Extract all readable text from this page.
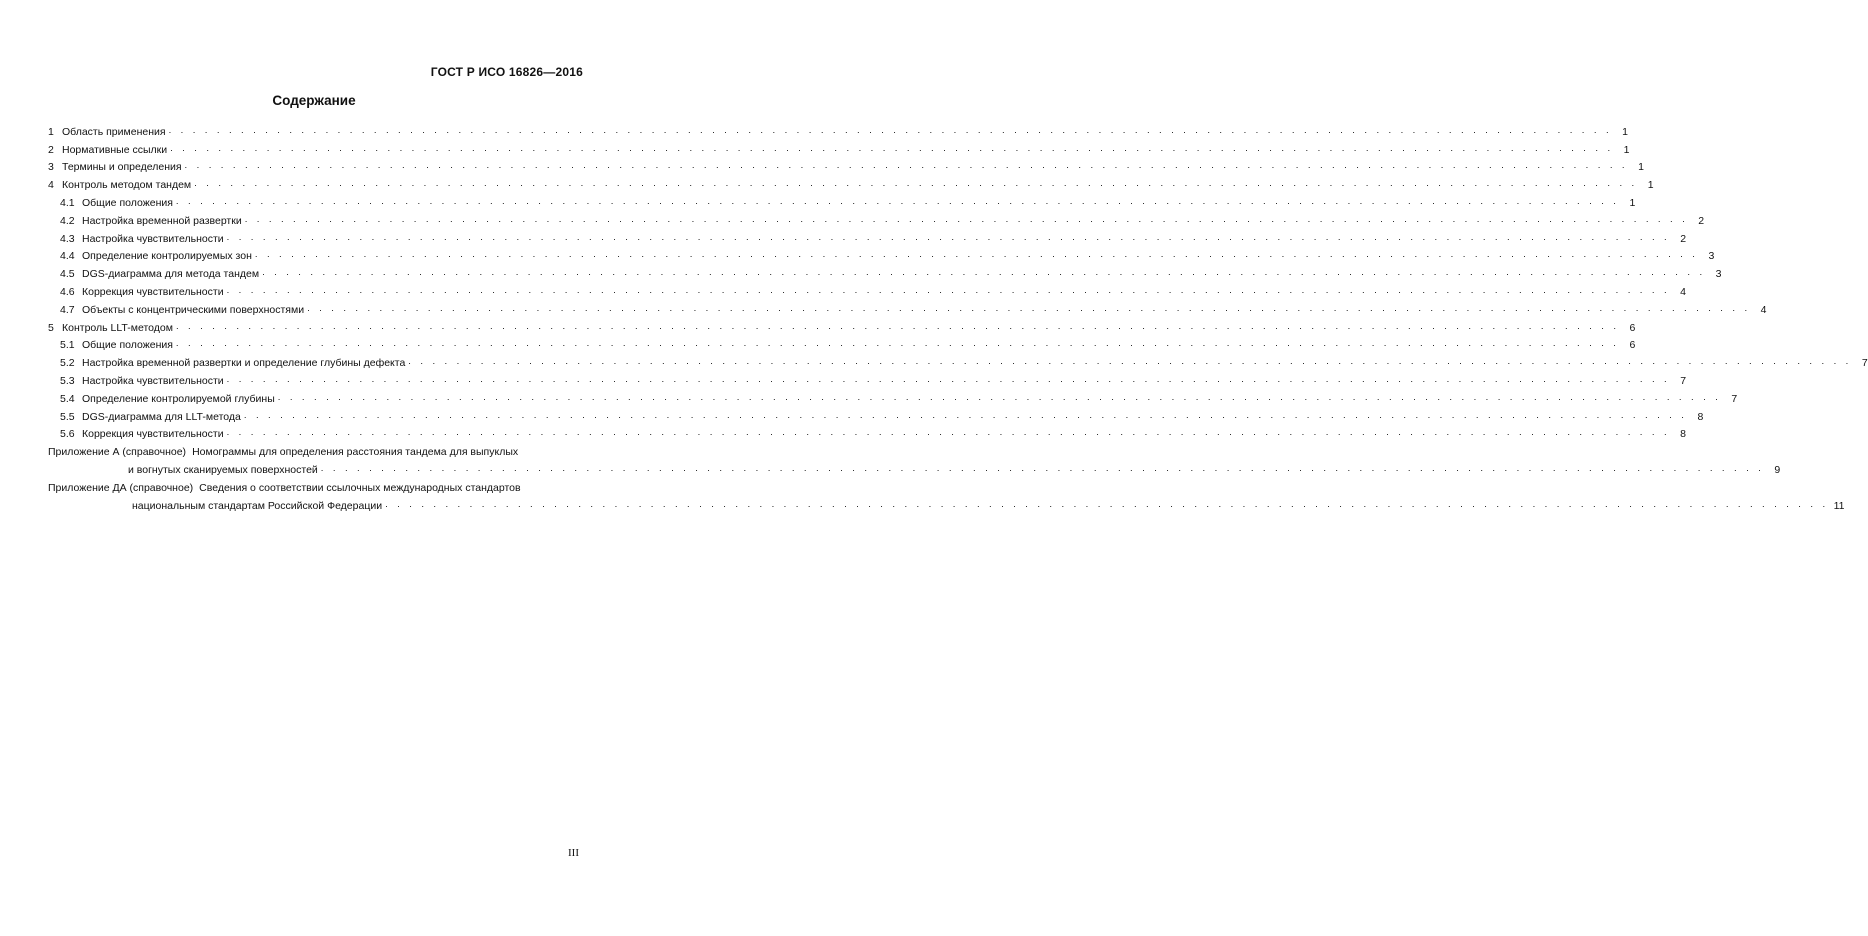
ГОСТ Р ИСО 16826—2016
Содержание
1 Область применения . . . . . . . . . . . . . . . . . . . . . . . . . . . . . . . . . . . . . . . . . . . . . . . . . . . . . . . . . . . . . . . . . . . . . . . . . . . . . . . . . . . . . . . . . . . . . . . . . . . . . . . . . . . . . . . . . . . . . . . . 1
2 Нормативные ссылки . . . . . . . . . . . . . . . . . . . . . . . . . . . . . . . . . . . . . . . . . . . . . . . . . . . . . . . . . . . . . . . . . . . . . . . . . . . . . . . . . . . . . . . . . . . . . . . . . . . . . . . . . . . . . . . . . . . . . . . . 1
3 Термины и определения . . . . . . . . . . . . . . . . . . . . . . . . . . . . . . . . . . . . . . . . . . . . . . . . . . . . . . . . . . . . . . . . . . . . . . . . . . . . . . . . . . . . . . . . . . . . . . . . . . . . . . . . . . . . . . . . . . . . . . . . 1
4 Контроль методом тандем . . . . . . . . . . . . . . . . . . . . . . . . . . . . . . . . . . . . . . . . . . . . . . . . . . . . . . . . . . . . . . . . . . . . . . . . . . . . . . . . . . . . . . . . . . . . . . . . . . . . . . . . . . . . . . . . . . . . . . . . 1
4.1 Общие положения . . . . . . . . . . . . . . . . . . . . . . . . . . . . . . . . . . . . . . . . . . . . . . . . . . . . . . . . . . . . . . . . . . . . . . . . . . . . . . . . . . . . . . . . . . . . . . . . . . . . . . . . . . . . . . . . . . . . . . . . 1
4.2 Настройка временной развертки . . . . . . . . . . . . . . . . . . . . . . . . . . . . . . . . . . . . . . . . . . . . . . . . . . . . . . . . . . . . . . . . . . . . . . . . . . . . . . . . . . . . . . . . . . . . . . . . . . . . . . . . . . . . . . . . . . . . . . . . 2
4.3 Настройка чувствительности . . . . . . . . . . . . . . . . . . . . . . . . . . . . . . . . . . . . . . . . . . . . . . . . . . . . . . . . . . . . . . . . . . . . . . . . . . . . . . . . . . . . . . . . . . . . . . . . . . . . . . . . . . . . . . . . . . . . . . . . 2
4.4 Определение контролируемых зон . . . . . . . . . . . . . . . . . . . . . . . . . . . . . . . . . . . . . . . . . . . . . . . . . . . . . . . . . . . . . . . . . . . . . . . . . . . . . . . . . . . . . . . . . . . . . . . . . . . . . . . . . . . . . . . . . . . . . . . . 3
4.5 DGS-диаграмма для метода тандем . . . . . . . . . . . . . . . . . . . . . . . . . . . . . . . . . . . . . . . . . . . . . . . . . . . . . . . . . . . . . . . . . . . . . . . . . . . . . . . . . . . . . . . . . . . . . . . . . . . . . . . . . . . . . . . . . . . . . . . . 3
4.6 Коррекция чувствительности . . . . . . . . . . . . . . . . . . . . . . . . . . . . . . . . . . . . . . . . . . . . . . . . . . . . . . . . . . . . . . . . . . . . . . . . . . . . . . . . . . . . . . . . . . . . . . . . . . . . . . . . . . . . . . . . . . . . . . . . 4
4.7 Объекты с концентрическими поверхностями . . . . . . . . . . . . . . . . . . . . . . . . . . . . . . . . . . . . . . . . . . . . . . . . . . . . . . . . . . . . . . . . . . . . . . . . . . . . . . . . . . . . . . . . . . . . . . . . . . . . . . . . . . . . . . . . . . . . . . . . 4
5 Контроль LLT-методом . . . . . . . . . . . . . . . . . . . . . . . . . . . . . . . . . . . . . . . . . . . . . . . . . . . . . . . . . . . . . . . . . . . . . . . . . . . . . . . . . . . . . . . . . . . . . . . . . . . . . . . . . . . . . . . . . . . . . . . . 6
5.1 Общие положения . . . . . . . . . . . . . . . . . . . . . . . . . . . . . . . . . . . . . . . . . . . . . . . . . . . . . . . . . . . . . . . . . . . . . . . . . . . . . . . . . . . . . . . . . . . . . . . . . . . . . . . . . . . . . . . . . . . . . . . . 6
5.2 Настройка временной развертки и определение глубины дефекта . . . . . . . . . . . . . . . . . . . . . . . . . . . . . . . . . . . . . . . . . . . . . . . . . . . . . . . . . . . . . . . . . . . . . . . . . . . . . . . . . . . . . . . . . . . . . . . . . . . . . . . . . . . . . . . . . . . . . . . . 7
5.3 Настройка чувствительности . . . . . . . . . . . . . . . . . . . . . . . . . . . . . . . . . . . . . . . . . . . . . . . . . . . . . . . . . . . . . . . . . . . . . . . . . . . . . . . . . . . . . . . . . . . . . . . . . . . . . . . . . . . . . . . . . . . . . . . . 7
5.4 Определение контролируемой глубины . . . . . . . . . . . . . . . . . . . . . . . . . . . . . . . . . . . . . . . . . . . . . . . . . . . . . . . . . . . . . . . . . . . . . . . . . . . . . . . . . . . . . . . . . . . . . . . . . . . . . . . . . . . . . . . . . . . . . . . . 7
5.5 DGS-диаграмма для LLT-метода . . . . . . . . . . . . . . . . . . . . . . . . . . . . . . . . . . . . . . . . . . . . . . . . . . . . . . . . . . . . . . . . . . . . . . . . . . . . . . . . . . . . . . . . . . . . . . . . . . . . . . . . . . . . . . . . . . . . . . . . 8
5.6 Коррекция чувствительности . . . . . . . . . . . . . . . . . . . . . . . . . . . . . . . . . . . . . . . . . . . . . . . . . . . . . . . . . . . . . . . . . . . . . . . . . . . . . . . . . . . . . . . . . . . . . . . . . . . . . . . . . . . . . . . . . . . . . . . . 8
Приложение А (справочное) Номограммы для определения расстояния тандема для выпуклых
и вогнутых сканируемых поверхностей . . . . . . . . . . . . . . . . . . . . . . . . . . . . . . . . . . . . . . . . . . . . . . . . . . . . . . . . . . . . . . . . . . . . . . . . . . . . . . . . . . . . . . . . . . . . . . . . . . . . . . . . . . . . . . . . . . . . . . . . 9
Приложение ДА (справочное) Сведения о соответствии ссылочных международных стандартов
национальным стандартам Российской Федерации . . . . . . . . . . . . . . . . . . . . . . . . . . . . . . . . . . . . . . . . . . . . . . . . . . . . . . . . . . . . . . . . . . . . . . . . . . . . . . . . . . . . . . . . . . . . . . . . . . . . . . . . . . . . . . . . . . . . . . . . 11
III
